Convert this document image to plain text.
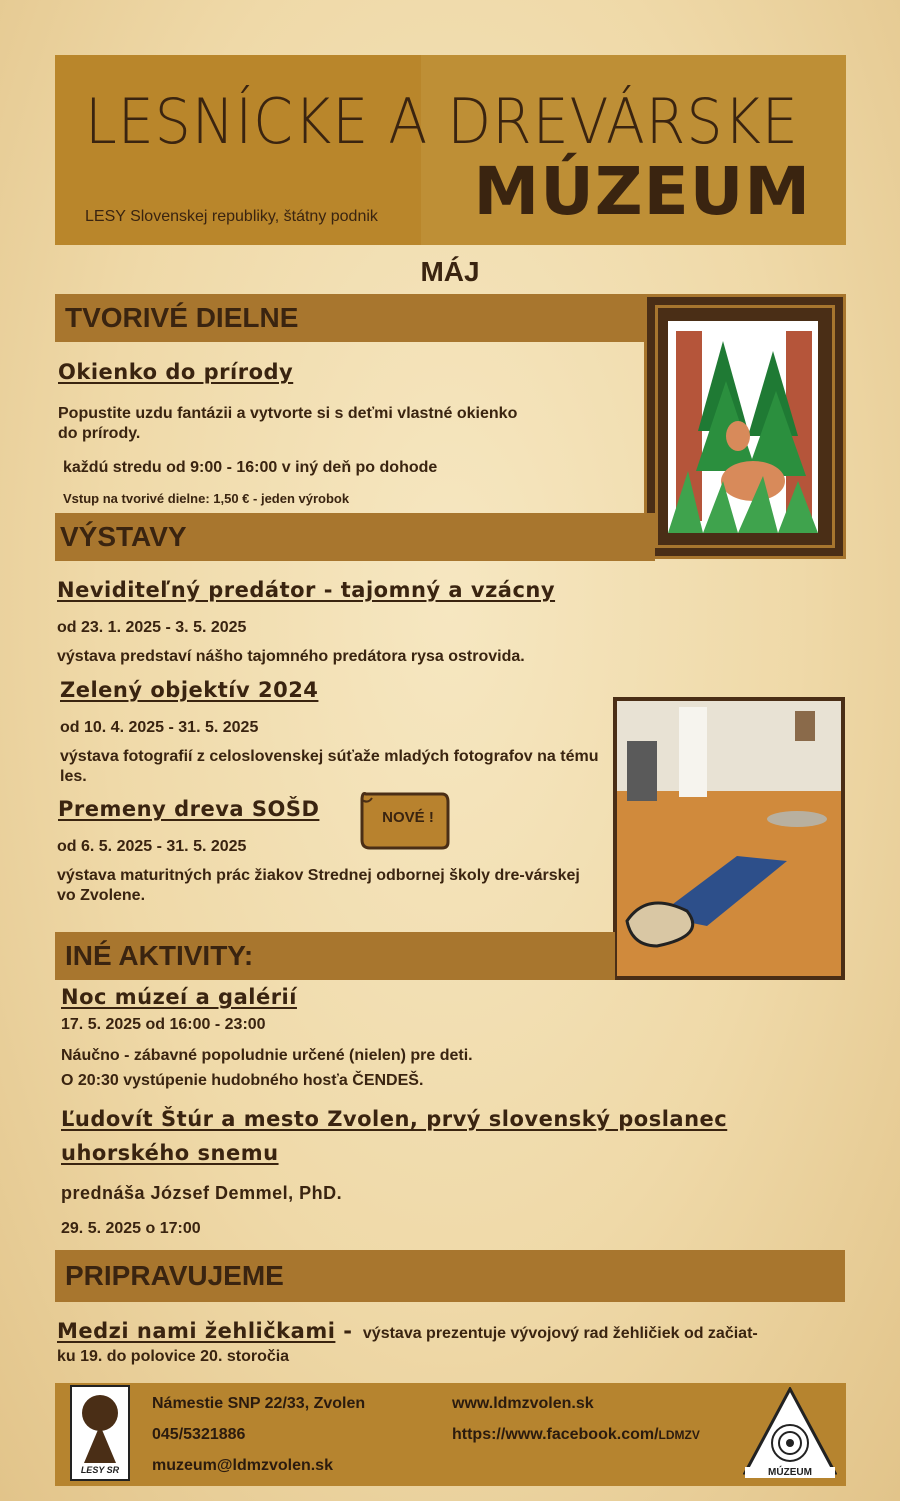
LESNÍCKE A DREVÁRSKE
MÚZEUM
LESY Slovenskej republiky, štátny podnik
MÁJ
TVORIVÉ DIELNE
Okienko do prírody
Popustite uzdu fantázii a vytvorte si s deťmi vlastné okienko do prírody.
každú stredu od 9:00 - 16:00 v iný deň po dohode
Vstup na tvorivé dielne: 1,50 € - jeden výrobok
VÝSTAVY
Neviditeľný predátor - tajomný a vzácny
od 23. 1. 2025 - 3. 5. 2025
výstava predstaví nášho tajomného predátora rysa ostrovida.
Zelený objektív 2024
od 10. 4. 2025 - 31. 5. 2025
výstava fotografií z celoslovenskej súťaže mladých fotografov na tému les.
Premeny dreva SOŠD	NOVÉ !
od 6. 5. 2025 - 31. 5. 2025
výstava maturitných prác žiakov Strednej odbornej školy dre-várskej vo Zvolene.
INÉ AKTIVITY:
Noc múzeí a galérií
17. 5. 2025 od 16:00 - 23:00
Náučno - zábavné popoludnie určené (nielen) pre deti.
O 20:30 vystúpenie hudobného hosťa ČENDEŠ.
Ľudovít Štúr a mesto Zvolen, prvý slovenský poslanec
uhorského snemu
prednáša József Demmel, PhD.
29. 5. 2025 o 17:00
PRIPRAVUJEME
Medzi nami žehličkami - výstava prezentuje vývojový rad žehličiek od začiat-
ku 19. do polovice 20. storočia
LESY SR
Námestie SNP 22/33, Zvolen
045/5321886
muzeum@ldmzvolen.sk
www.ldmzvolen.sk
https://www.facebook.com/LDMZV
MÚZEUM
